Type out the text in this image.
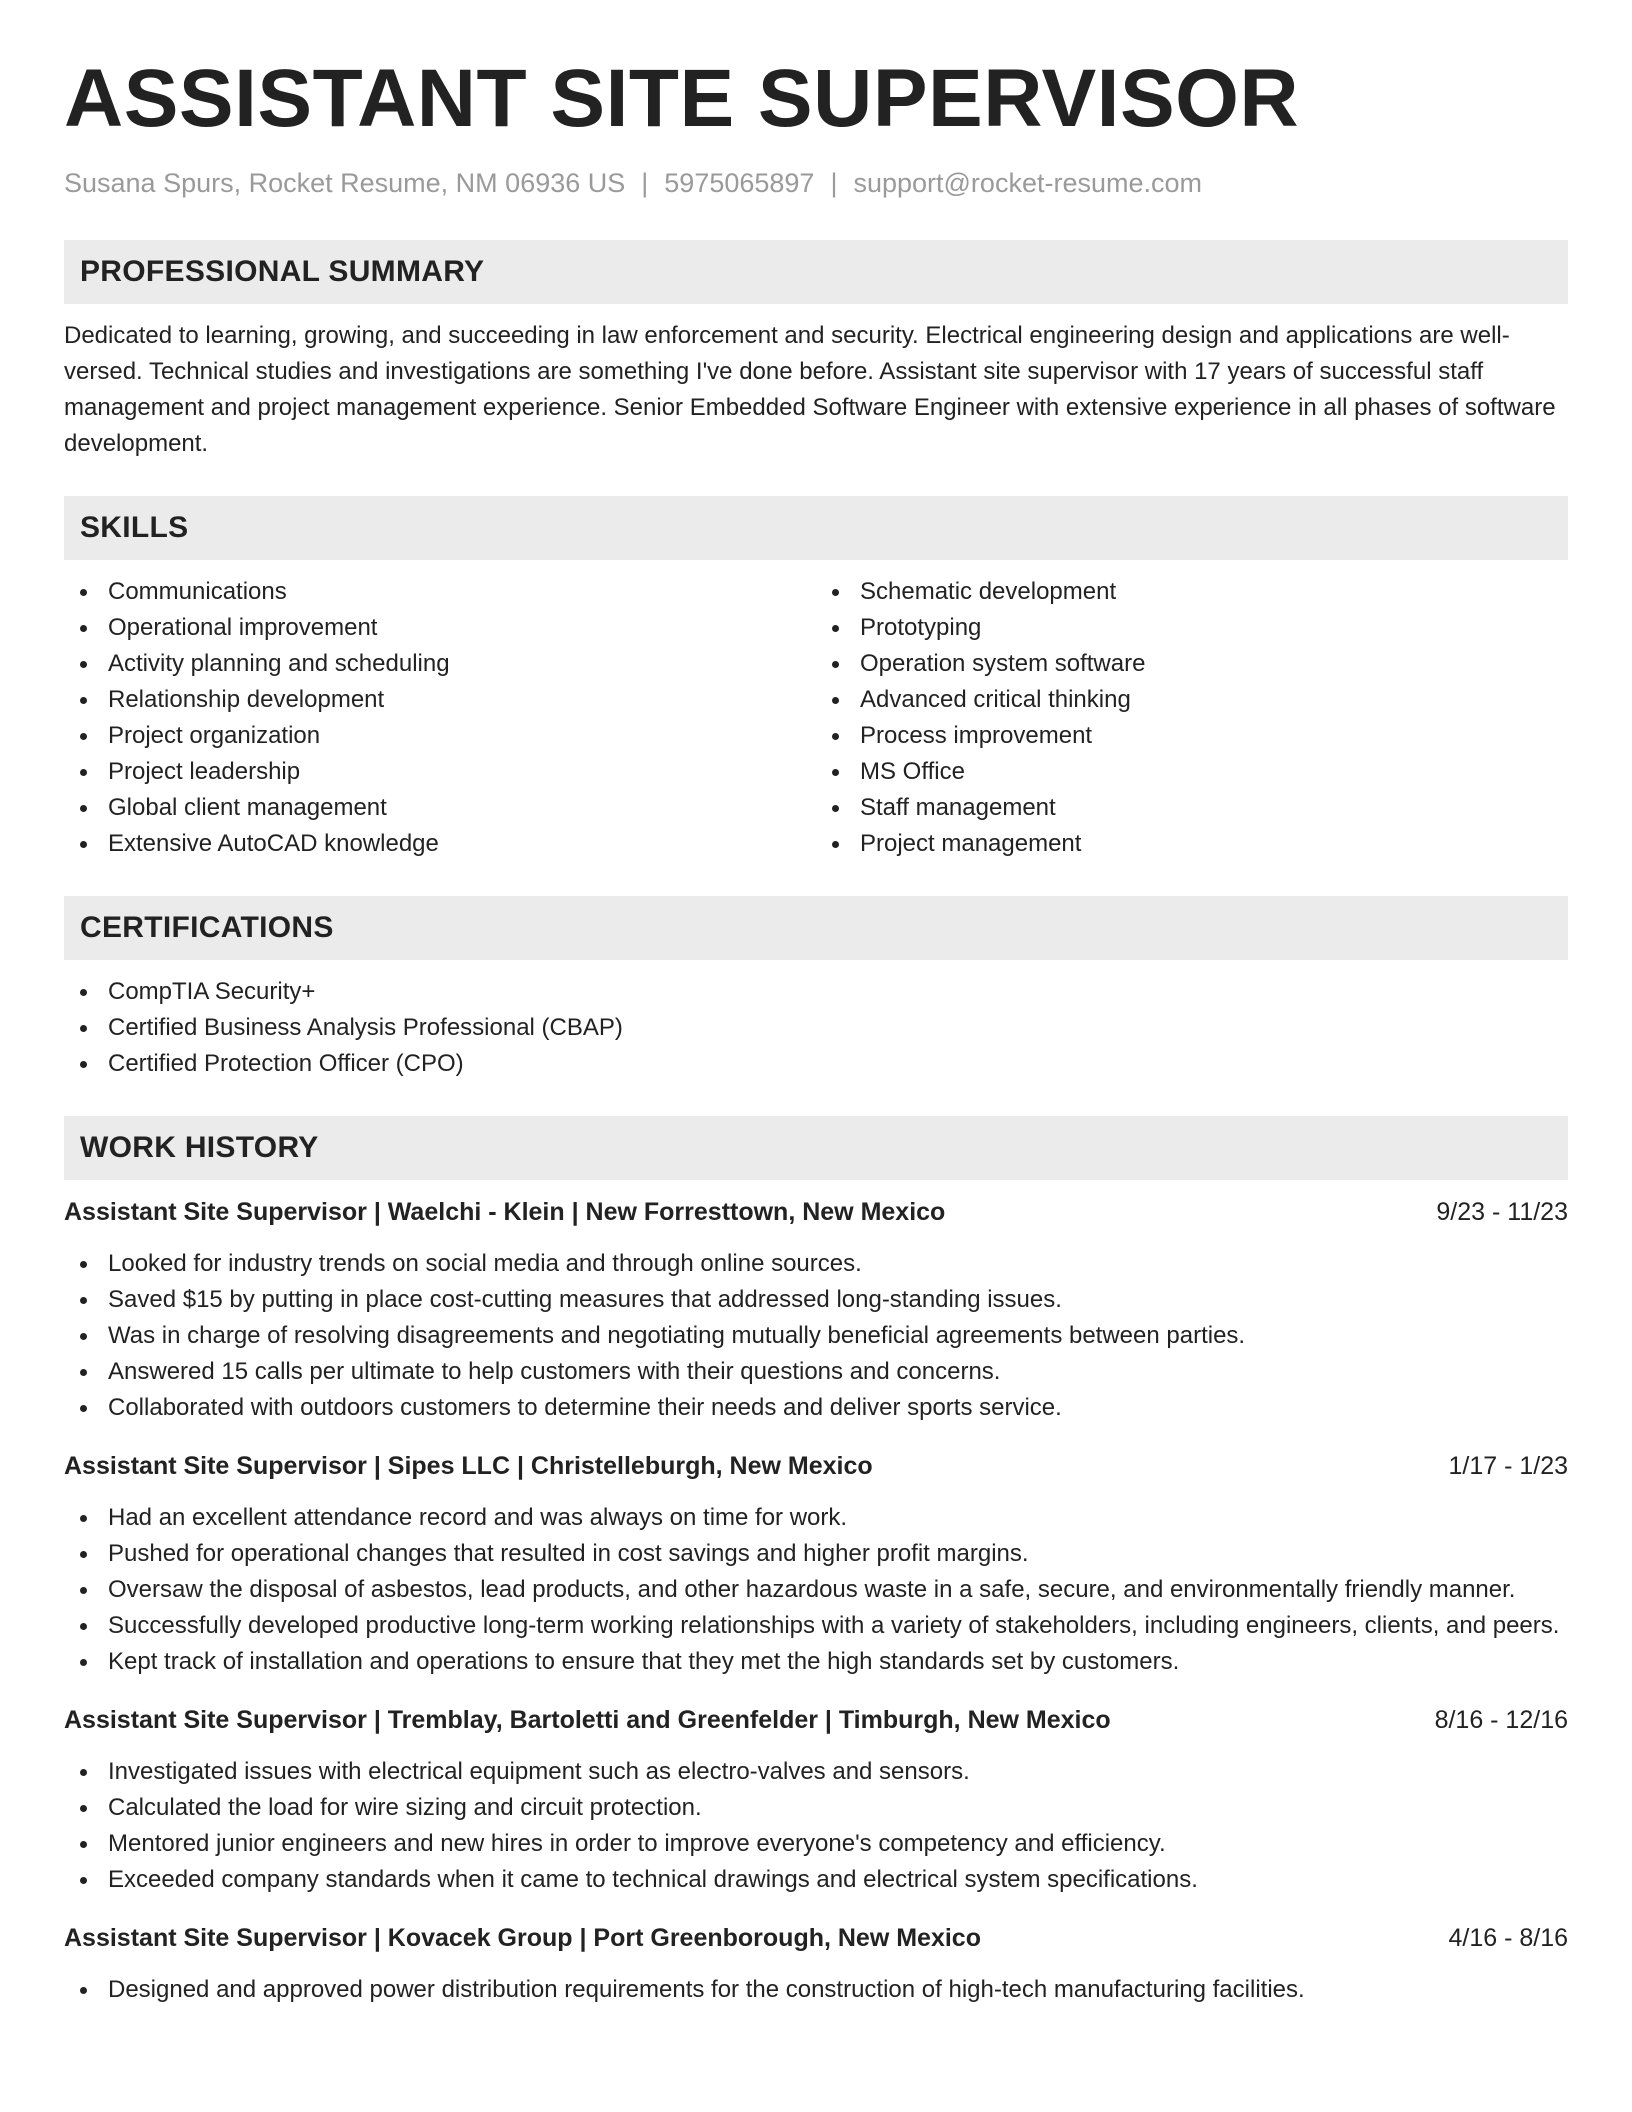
ASSISTANT SITE SUPERVISOR
Susana Spurs, Rocket Resume, NM 06936 US | 5975065897 | support@rocket-resume.com
PROFESSIONAL SUMMARY

Dedicated to learning, growing, and succeeding in law enforcement and security. Electrical engineering design and applications are well-versed. Technical studies and investigations are something I've done before. Assistant site supervisor with 17 years of successful staff management and project management experience. Senior Embedded Software Engineer with extensive experience in all phases of software development.

SKILLS
Communications
Operational improvement
Activity planning and scheduling
Relationship development
Project organization
Project leadership
Global client management
Extensive AutoCAD knowledge
Schematic development
Prototyping
Operation system software
Advanced critical thinking
Process improvement
MS Office
Staff management
Project management
CERTIFICATIONS
CompTIA Security+
Certified Business Analysis Professional (CBAP)
Certified Protection Officer (CPO)
WORK HISTORY
Assistant Site Supervisor | Waelchi - Klein | New Forresttown, New Mexico	9/23 - 11/23
Looked for industry trends on social media and through online sources.
Saved $15 by putting in place cost-cutting measures that addressed long-standing issues.
Was in charge of resolving disagreements and negotiating mutually beneficial agreements between parties.
Answered 15 calls per ultimate to help customers with their questions and concerns.
Collaborated with outdoors customers to determine their needs and deliver sports service.
Assistant Site Supervisor | Sipes LLC | Christelleburgh, New Mexico	1/17 - 1/23
Had an excellent attendance record and was always on time for work.
Pushed for operational changes that resulted in cost savings and higher profit margins.
Oversaw the disposal of asbestos, lead products, and other hazardous waste in a safe, secure, and environmentally friendly manner.
Successfully developed productive long-term working relationships with a variety of stakeholders, including engineers, clients, and peers.
Kept track of installation and operations to ensure that they met the high standards set by customers.
Assistant Site Supervisor | Tremblay, Bartoletti and Greenfelder | Timburgh, New Mexico	8/16 - 12/16
Investigated issues with electrical equipment such as electro-valves and sensors.
Calculated the load for wire sizing and circuit protection.
Mentored junior engineers and new hires in order to improve everyone's competency and efficiency.
Exceeded company standards when it came to technical drawings and electrical system specifications.
Assistant Site Supervisor | Kovacek Group | Port Greenborough, New Mexico	4/16 - 8/16
Designed and approved power distribution requirements for the construction of high-tech manufacturing facilities.
